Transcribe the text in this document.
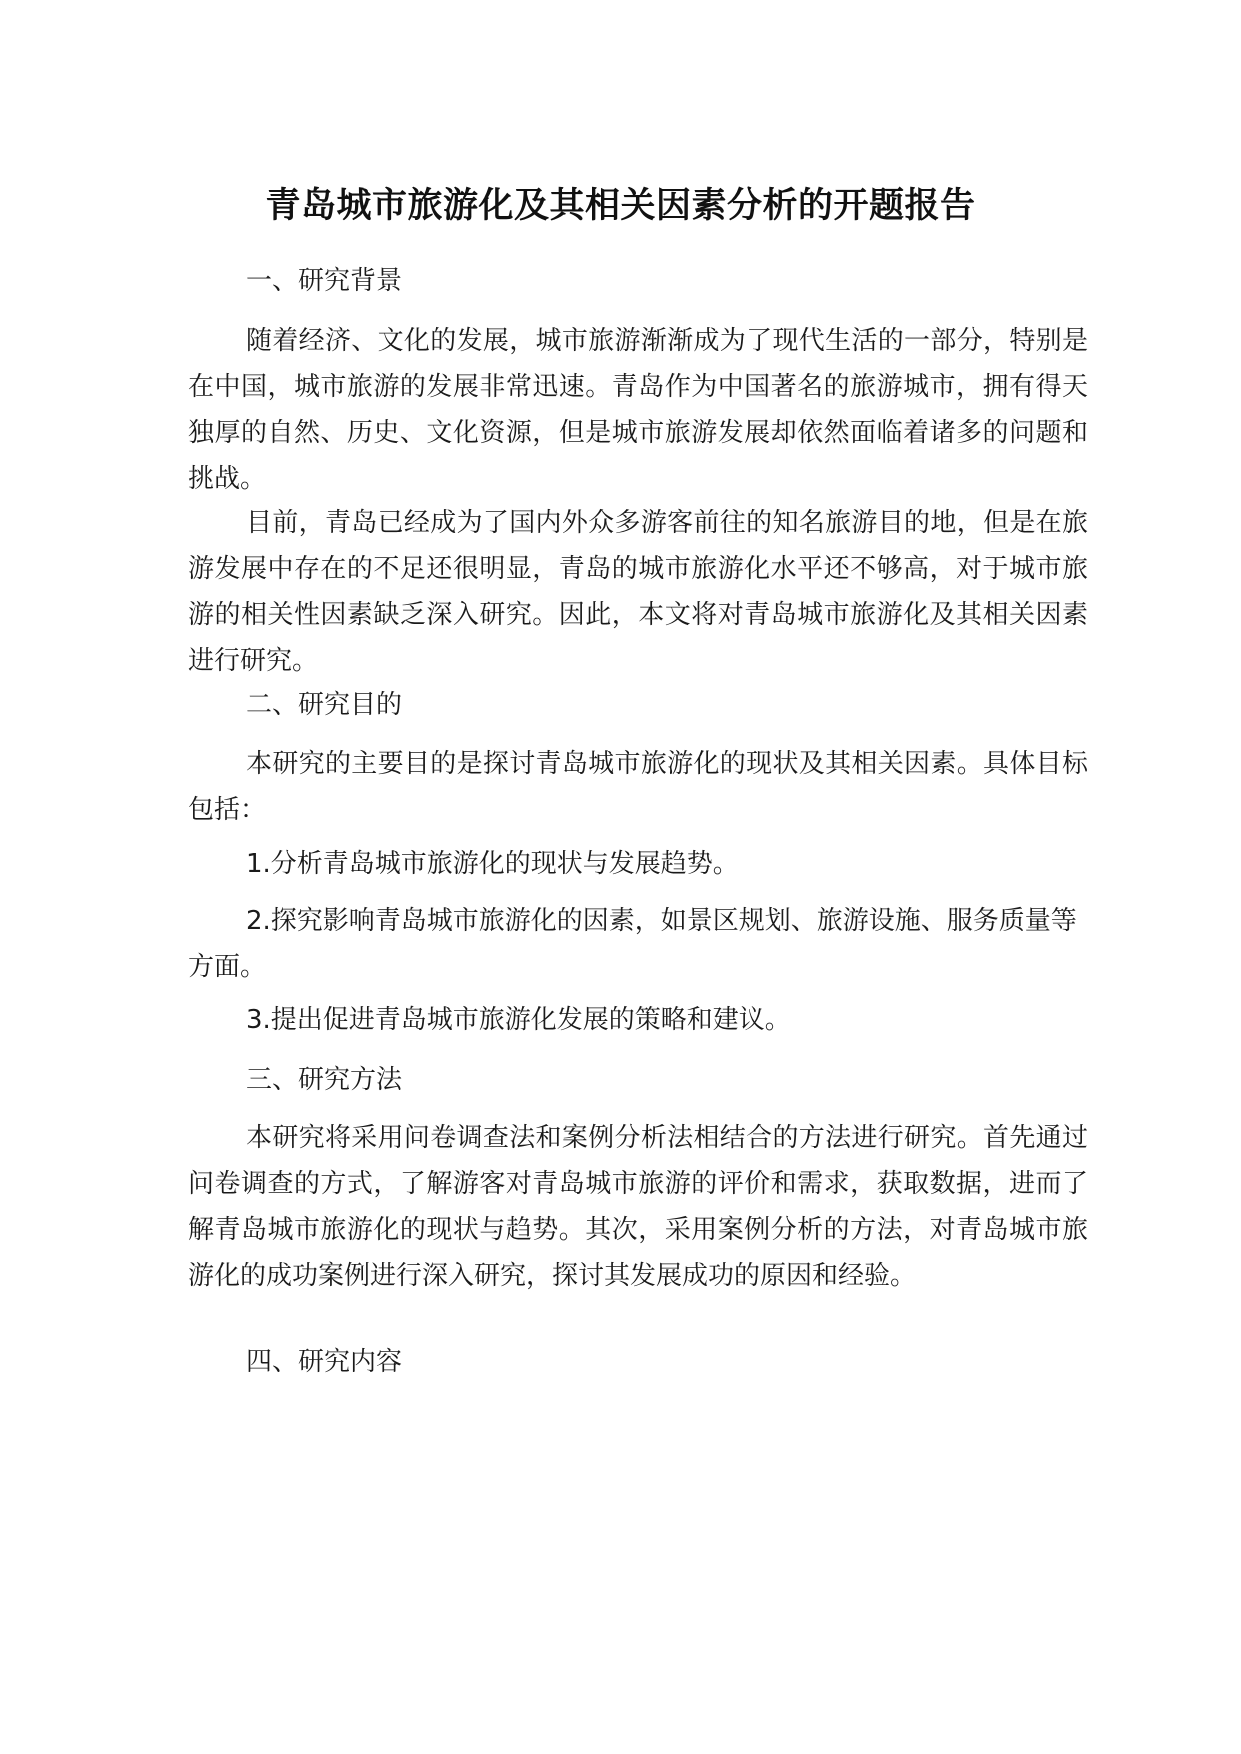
青岛城市旅游化及其相关因素分析的开题报告

一、研究背景

随着经济、文化的发展，城市旅游渐渐成为了现代生活的一部分，特别是在中国，城市旅游的发展非常迅速。青岛作为中国著名的旅游城市，拥有得天独厚的自然、历史、文化资源，但是城市旅游发展却依然面临着诸多的问题和挑战。

目前，青岛已经成为了国内外众多游客前往的知名旅游目的地，但是在旅游发展中存在的不足还很明显，青岛的城市旅游化水平还不够高，对于城市旅游的相关性因素缺乏深入研究。因此，本文将对青岛城市旅游化及其相关因素进行研究。

二、研究目的

本研究的主要目的是探讨青岛城市旅游化的现状及其相关因素。具体目标包括：

1.分析青岛城市旅游化的现状与发展趋势。

2.探究影响青岛城市旅游化的因素，如景区规划、旅游设施、服务质量等方面。

3.提出促进青岛城市旅游化发展的策略和建议。

三、研究方法

本研究将采用问卷调查法和案例分析法相结合的方法进行研究。首先通过问卷调查的方式，了解游客对青岛城市旅游的评价和需求，获取数据，进而了解青岛城市旅游化的现状与趋势。其次，采用案例分析的方法，对青岛城市旅游化的成功案例进行深入研究，探讨其发展成功的原因和经验。

四、研究内容
